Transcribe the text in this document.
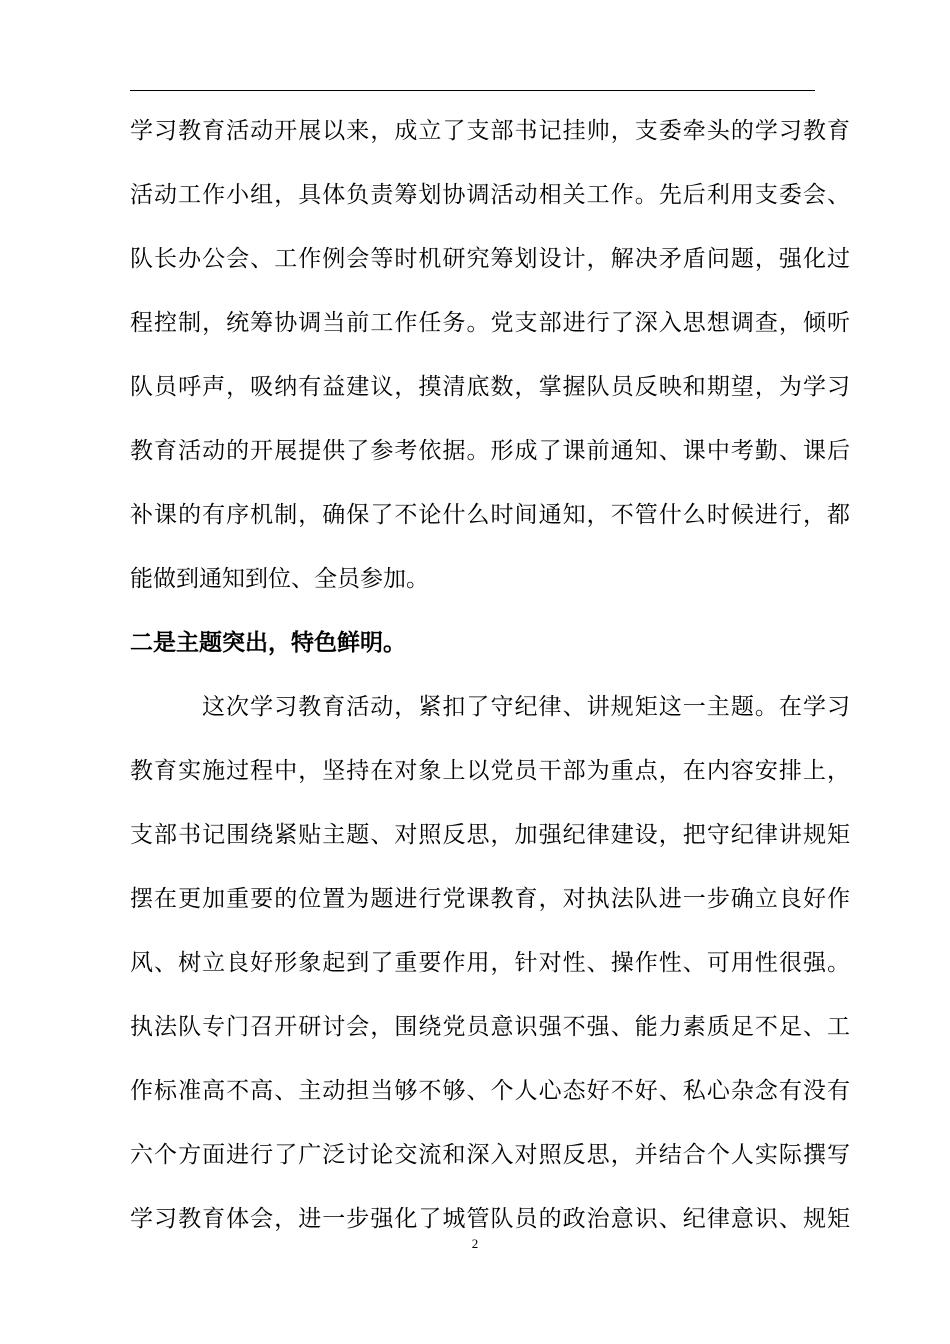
学习教育活动开展以来，成立了支部书记挂帅，支委牵头的学习教育
活动工作小组，具体负责筹划协调活动相关工作。先后利用支委会、
队长办公会、工作例会等时机研究筹划设计，解决矛盾问题，强化过
程控制，统筹协调当前工作任务。党支部进行了深入思想调查，倾听
队员呼声，吸纳有益建议，摸清底数，掌握队员反映和期望，为学习
教育活动的开展提供了参考依据。形成了课前通知、课中考勤、课后
补课的有序机制，确保了不论什么时间通知，不管什么时候进行，都
能做到通知到位、全员参加。
二是主题突出，特色鲜明。
这次学习教育活动，紧扣了守纪律、讲规矩这一主题。在学习
教育实施过程中，坚持在对象上以党员干部为重点，在内容安排上，
支部书记围绕紧贴主题、对照反思，加强纪律建设，把守纪律讲规矩
摆在更加重要的位置为题进行党课教育，对执法队进一步确立良好作
风、树立良好形象起到了重要作用，针对性、操作性、可用性很强。
执法队专门召开研讨会，围绕党员意识强不强、能力素质足不足、工
作标准高不高、主动担当够不够、个人心态好不好、私心杂念有没有
六个方面进行了广泛讨论交流和深入对照反思，并结合个人实际撰写
学习教育体会，进一步强化了城管队员的政治意识、纪律意识、规矩
2
